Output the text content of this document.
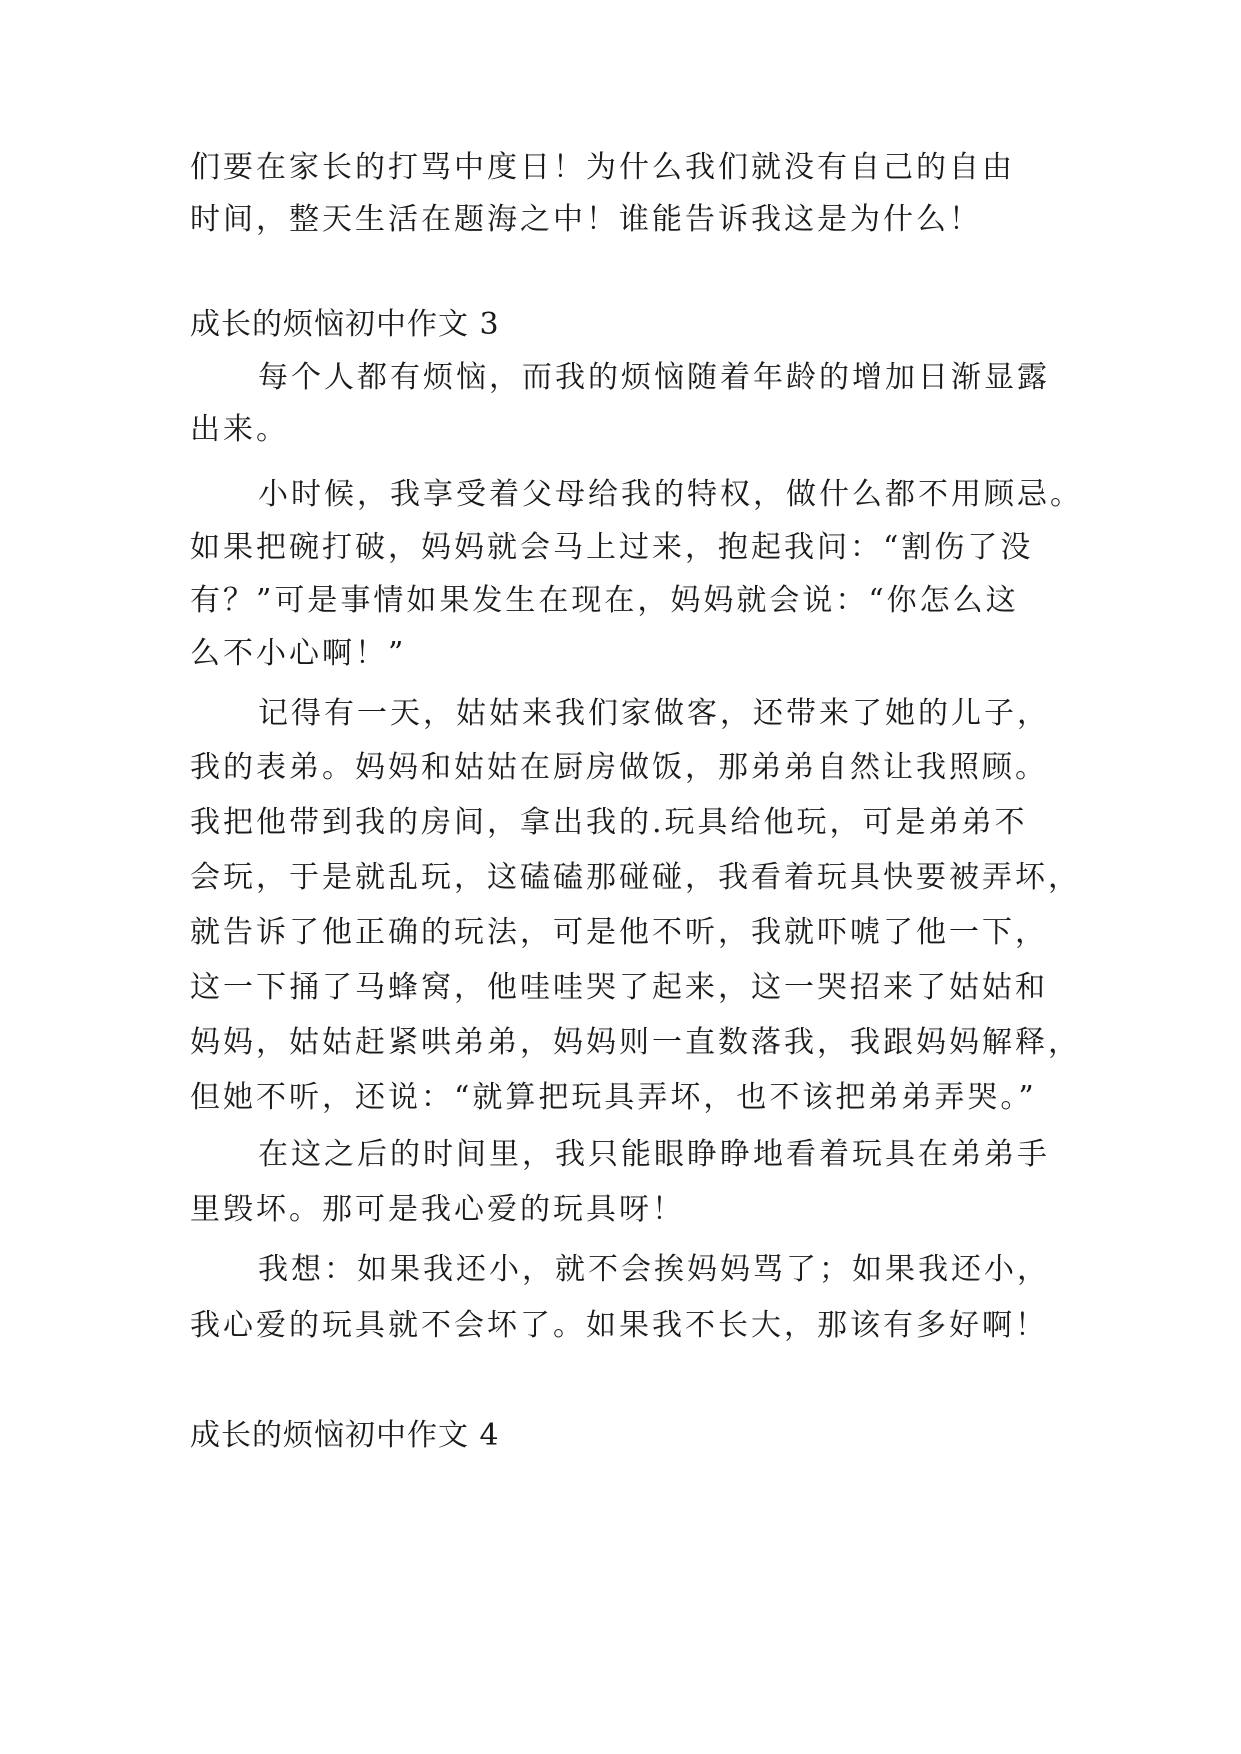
们要在家长的打骂中度日！为什么我们就没有自己的自由
时间，整天生活在题海之中！谁能告诉我这是为什么！
成长的烦恼初中作文 3
每个人都有烦恼，而我的烦恼随着年龄的增加日渐显露
出来。
小时候，我享受着父母给我的特权，做什么都不用顾忌。
如果把碗打破，妈妈就会马上过来，抱起我问：“割伤了没
有？”可是事情如果发生在现在，妈妈就会说：“你怎么这
么不小心啊！”
记得有一天，姑姑来我们家做客，还带来了她的儿子，
我的表弟。妈妈和姑姑在厨房做饭，那弟弟自然让我照顾。
我把他带到我的房间，拿出我的.玩具给他玩，可是弟弟不
会玩，于是就乱玩，这磕磕那碰碰，我看着玩具快要被弄坏，
就告诉了他正确的玩法，可是他不听，我就吓唬了他一下，
这一下捅了马蜂窝，他哇哇哭了起来，这一哭招来了姑姑和
妈妈，姑姑赶紧哄弟弟，妈妈则一直数落我，我跟妈妈解释，
但她不听，还说：“就算把玩具弄坏，也不该把弟弟弄哭。”
在这之后的时间里，我只能眼睁睁地看着玩具在弟弟手
里毁坏。那可是我心爱的玩具呀！
我想：如果我还小，就不会挨妈妈骂了；如果我还小，
我心爱的玩具就不会坏了。如果我不长大，那该有多好啊！
成长的烦恼初中作文 4
